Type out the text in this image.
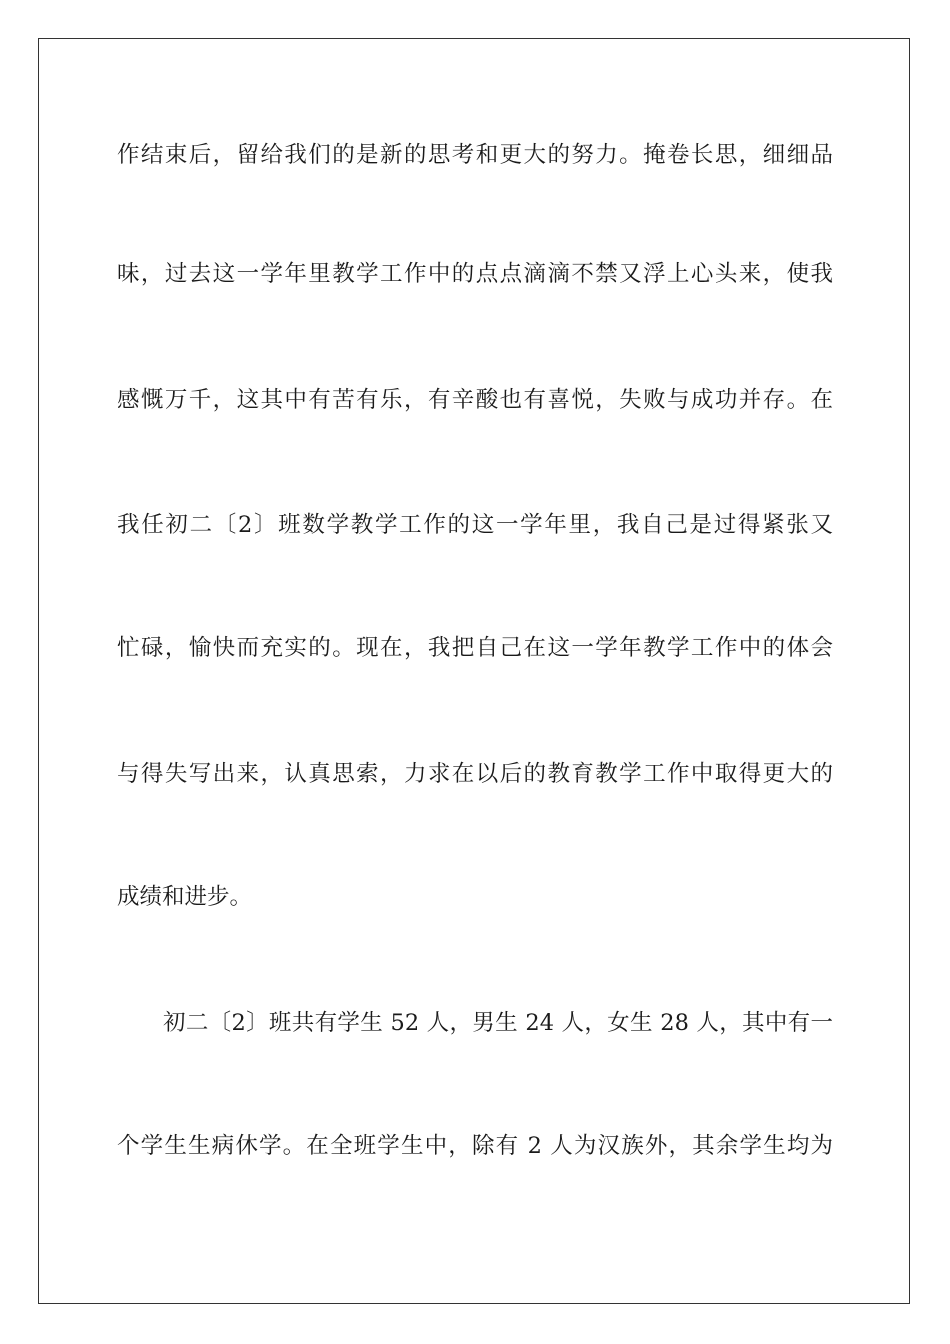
作结束后，留给我们的是新的思考和更大的努力。掩卷长思，细细品
味，过去这一学年里教学工作中的点点滴滴不禁又浮上心头来，使我
感慨万千，这其中有苦有乐，有辛酸也有喜悦，失败与成功并存。在
我任初二〔2〕班数学教学工作的这一学年里，我自己是过得紧张又
忙碌，愉快而充实的。现在，我把自己在这一学年教学工作中的体会
与得失写出来，认真思索，力求在以后的教育教学工作中取得更大的
成绩和进步。
初二〔2〕班共有学生 52 人，男生 24 人，女生 28 人，其中有一
个学生生病休学。在全班学生中，除有 2 人为汉族外，其余学生均为
